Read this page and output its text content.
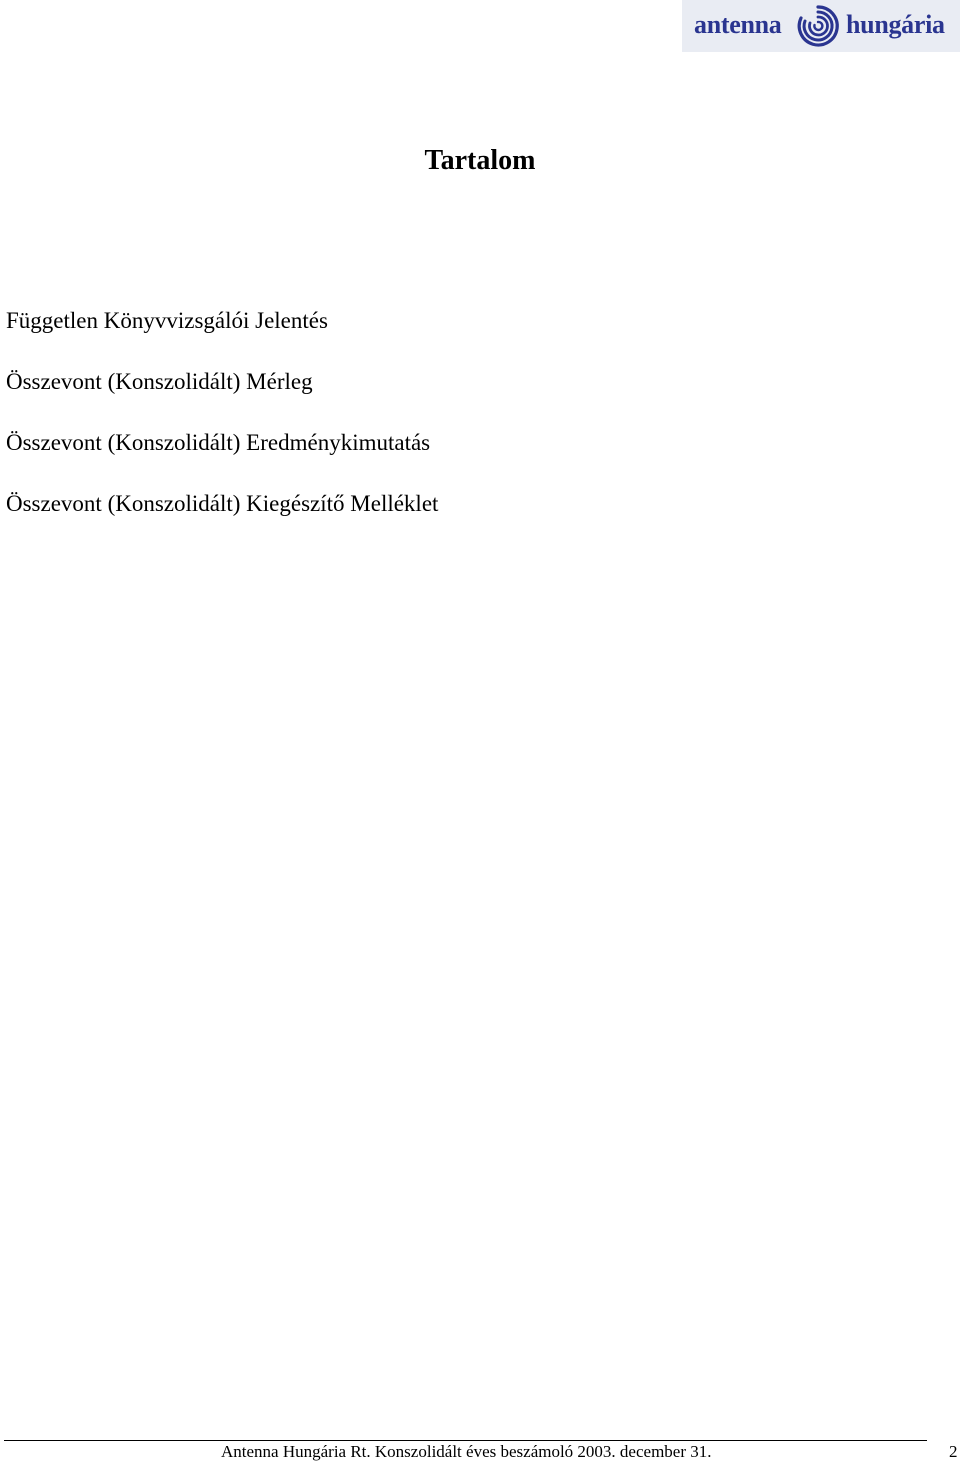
antenna hungária
Tartalom
Független Könyvvizsgálói Jelentés
Összevont (Konszolidált) Mérleg
Összevont (Konszolidált) Eredménykimutatás
Összevont (Konszolidált) Kiegészítő Melléklet
Antenna Hungária Rt. Konszolidált éves beszámoló 2003. december 31.	2
